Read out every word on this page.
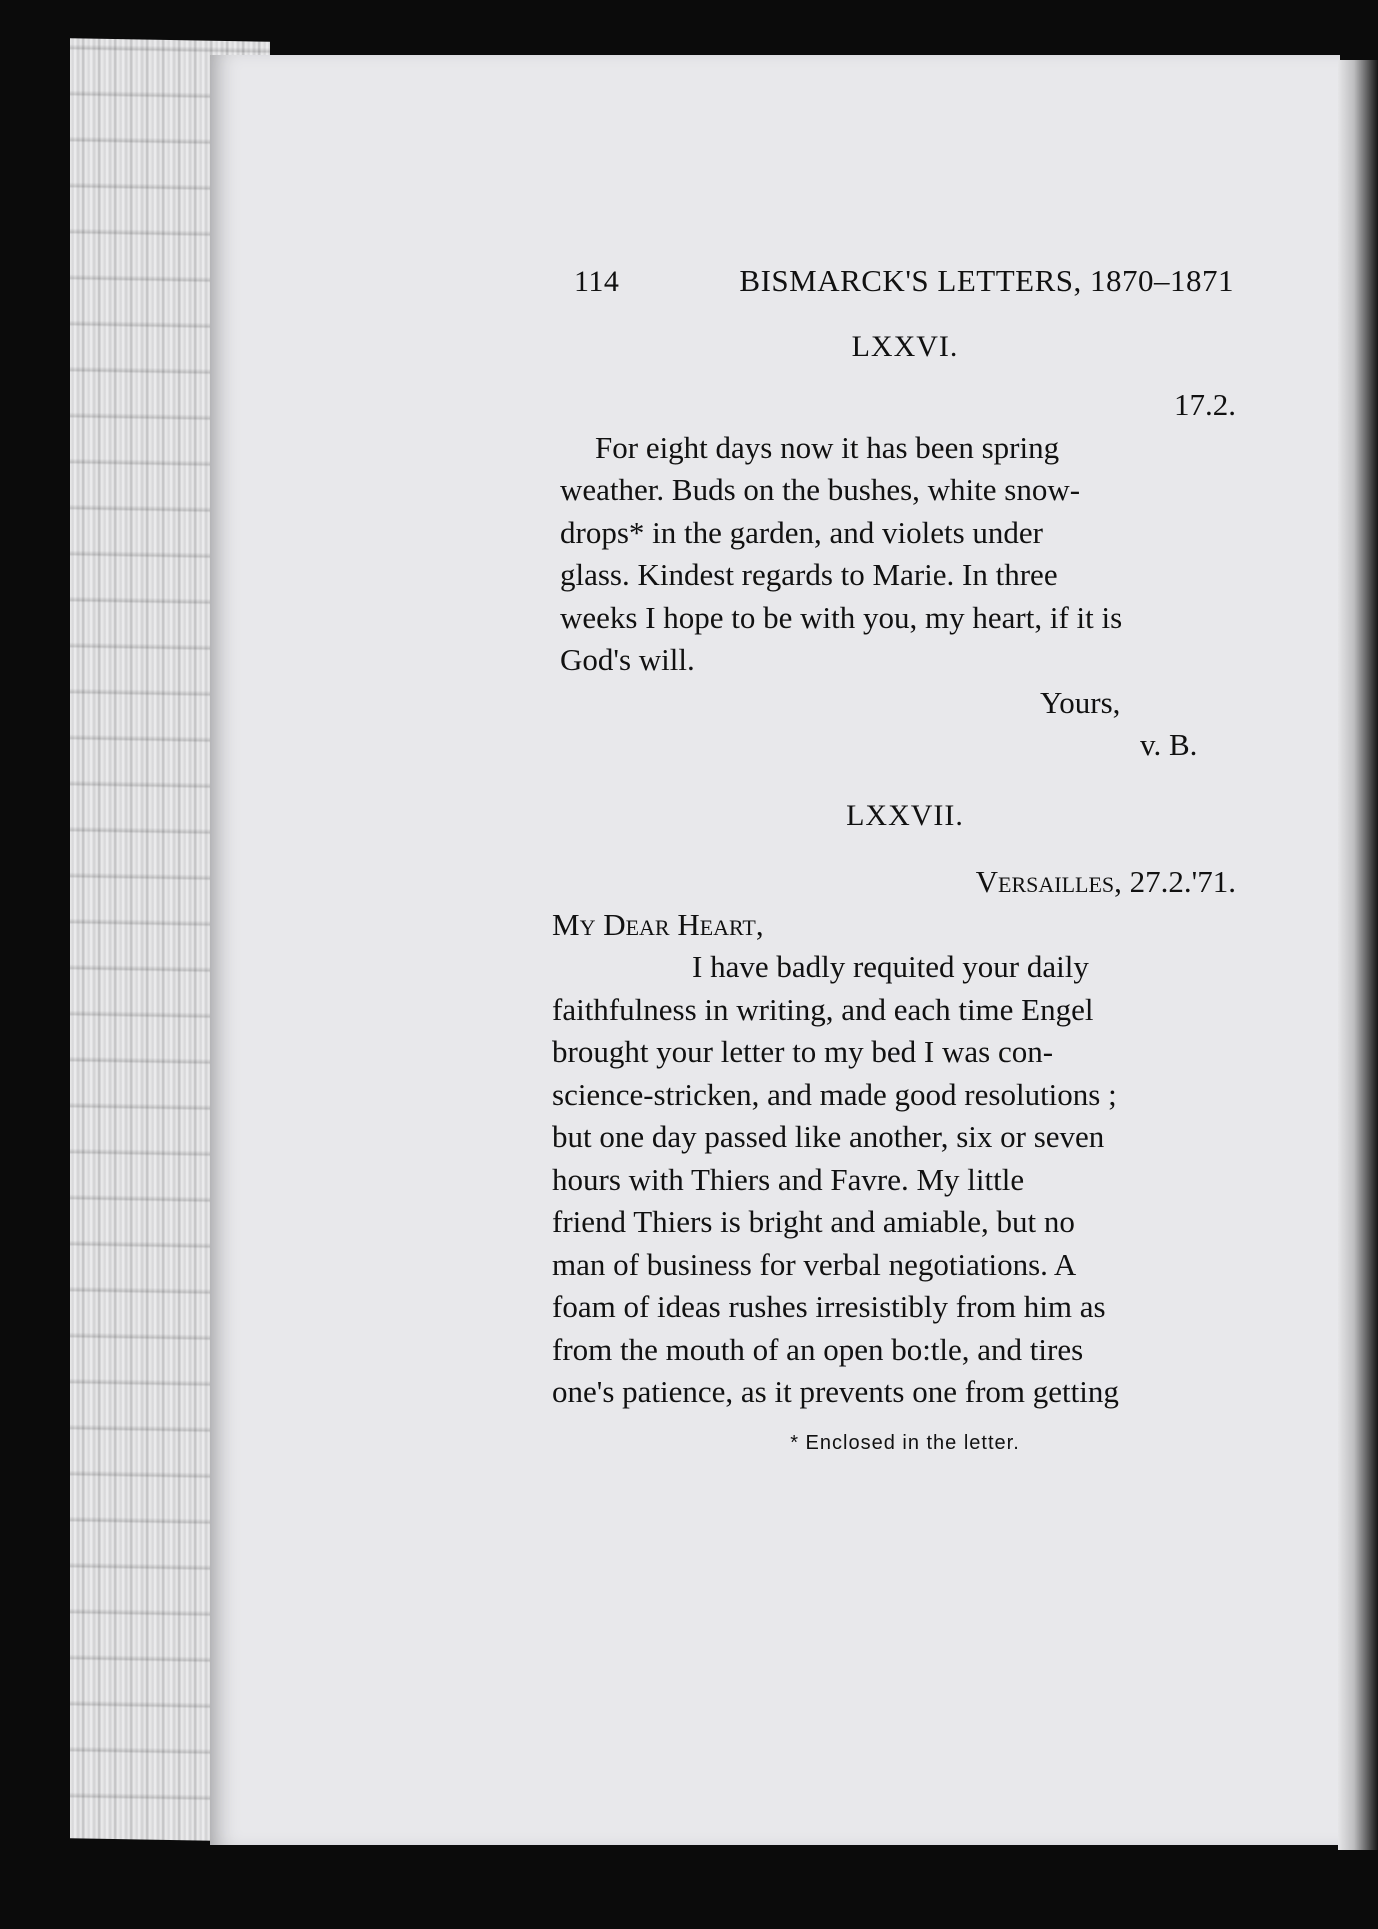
114	BISMARCK'S LETTERS, 1870–1871
LXXVI.
17.2.
For eight days now it has been spring
weather. Buds on the bushes, white snow-
drops* in the garden, and violets under
glass. Kindest regards to Marie. In three
weeks I hope to be with you, my heart, if it is
God's will.
Yours,
v. B.
LXXVII.
Versailles, 27.2.'71.
My Dear Heart,
I have badly requited your daily
faithfulness in writing, and each time Engel
brought your letter to my bed I was con-
science-stricken, and made good resolutions ;
but one day passed like another, six or seven
hours with Thiers and Favre. My little
friend Thiers is bright and amiable, but no
man of business for verbal negotiations. A
foam of ideas rushes irresistibly from him as
from the mouth of an open bo:tle, and tires
one's patience, as it prevents one from getting
* Enclosed in the letter.
